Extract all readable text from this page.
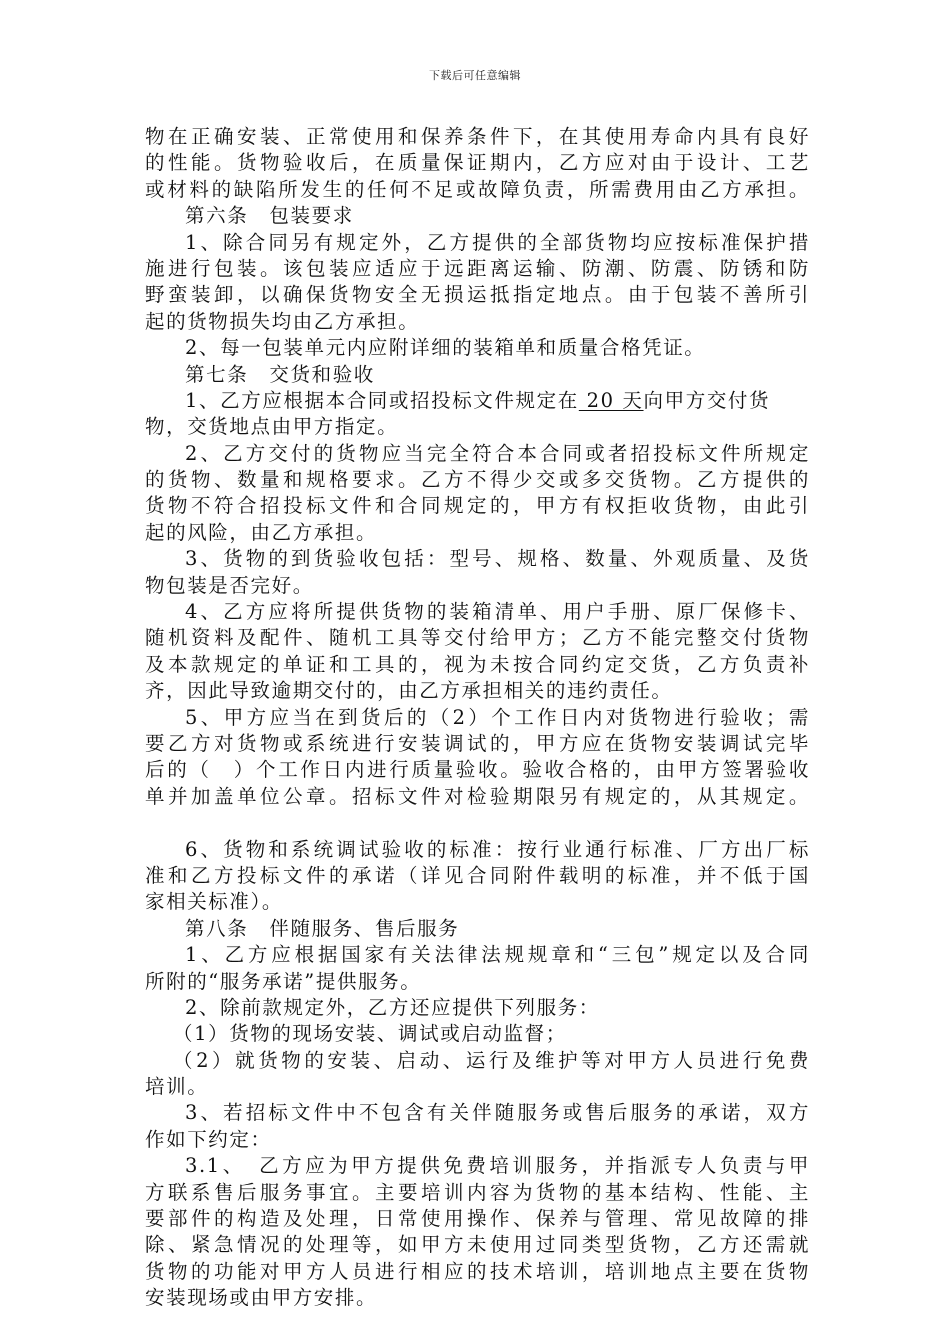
下载后可任意编辑
物在正确安装、正常使用和保养条件下，在其使用寿命内具有良好
的性能。货物验收后，在质量保证期内，乙方应对由于设计、工艺
或材料的缺陷所发生的任何不足或故障负责，所需费用由乙方承担。
第六条　包装要求
1、除合同另有规定外，乙方提供的全部货物均应按标准保护措
施进行包装。该包装应适应于远距离运输、防潮、防震、防锈和防
野蛮装卸，以确保货物安全无损运抵指定地点。由于包装不善所引
起的货物损失均由乙方承担。
2、每一包装单元内应附详细的装箱单和质量合格凭证。
第七条　交货和验收
1、乙方应根据本合同或招投标文件规定在 20 天向甲方交付货
物，交货地点由甲方指定。
2、乙方交付的货物应当完全符合本合同或者招投标文件所规定
的货物、数量和规格要求。乙方不得少交或多交货物。乙方提供的
货物不符合招投标文件和合同规定的，甲方有权拒收货物，由此引
起的风险，由乙方承担。
3、货物的到货验收包括：型号、规格、数量、外观质量、及货
物包装是否完好。
4、乙方应将所提供货物的装箱清单、用户手册、原厂保修卡、
随机资料及配件、随机工具等交付给甲方；乙方不能完整交付货物
及本款规定的单证和工具的，视为未按合同约定交货，乙方负责补
齐，因此导致逾期交付的，由乙方承担相关的违约责任。
5、甲方应当在到货后的（2）个工作日内对货物进行验收；需
要乙方对货物或系统进行安装调试的，甲方应在货物安装调试完毕
后的（　）个工作日内进行质量验收。验收合格的，由甲方签署验收
单并加盖单位公章。招标文件对检验期限另有规定的，从其规定。
6、货物和系统调试验收的标准：按行业通行标准、厂方出厂标
准和乙方投标文件的承诺（详见合同附件载明的标准，并不低于国
家相关标准）。
第八条　伴随服务、售后服务
1、乙方应根据国家有关法律法规规章和“三包”规定以及合同
所附的“服务承诺”提供服务。
2、除前款规定外，乙方还应提供下列服务：
（1）货物的现场安装、调试或启动监督；
（2）就货物的安装、启动、运行及维护等对甲方人员进行免费
培训。
3、若招标文件中不包含有关伴随服务或售后服务的承诺，双方
作如下约定：
3.1、　乙方应为甲方提供免费培训服务，并指派专人负责与甲
方联系售后服务事宜。主要培训内容为货物的基本结构、性能、主
要部件的构造及处理，日常使用操作、保养与管理、常见故障的排
除、紧急情况的处理等，如甲方未使用过同类型货物，乙方还需就
货物的功能对甲方人员进行相应的技术培训，培训地点主要在货物
安装现场或由甲方安排。
